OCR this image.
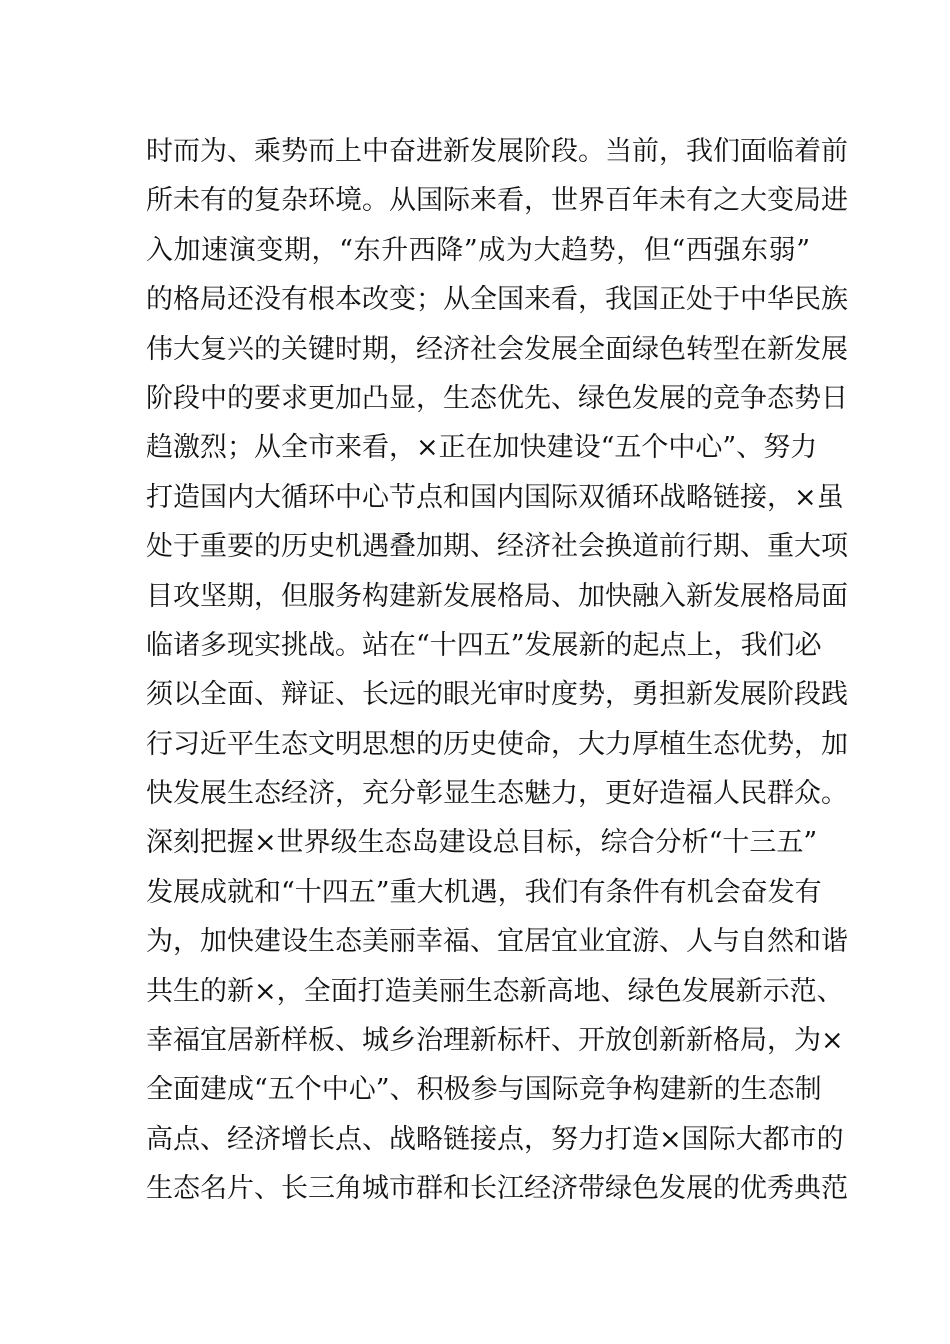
时而为、乘势而上中奋进新发展阶段。当前，我们面临着前
所未有的复杂环境。从国际来看，世界百年未有之大变局进
入加速演变期，“东升西降”成为大趋势，但“西强东弱”
的格局还没有根本改变；从全国来看，我国正处于中华民族
伟大复兴的关键时期，经济社会发展全面绿色转型在新发展
阶段中的要求更加凸显，生态优先、绿色发展的竞争态势日
趋激烈；从全市来看，×正在加快建设“五个中心”、努力
打造国内大循环中心节点和国内国际双循环战略链接，×虽
处于重要的历史机遇叠加期、经济社会换道前行期、重大项
目攻坚期，但服务构建新发展格局、加快融入新发展格局面
临诸多现实挑战。站在“十四五”发展新的起点上，我们必
须以全面、辩证、长远的眼光审时度势，勇担新发展阶段践
行习近平生态文明思想的历史使命，大力厚植生态优势，加
快发展生态经济，充分彰显生态魅力，更好造福人民群众。
深刻把握×世界级生态岛建设总目标，综合分析“十三五”
发展成就和“十四五”重大机遇，我们有条件有机会奋发有
为，加快建设生态美丽幸福、宜居宜业宜游、人与自然和谐
共生的新×，全面打造美丽生态新高地、绿色发展新示范、
幸福宜居新样板、城乡治理新标杆、开放创新新格局，为×
全面建成“五个中心”、积极参与国际竞争构建新的生态制
高点、经济增长点、战略链接点，努力打造×国际大都市的
生态名片、长三角城市群和长江经济带绿色发展的优秀典范
